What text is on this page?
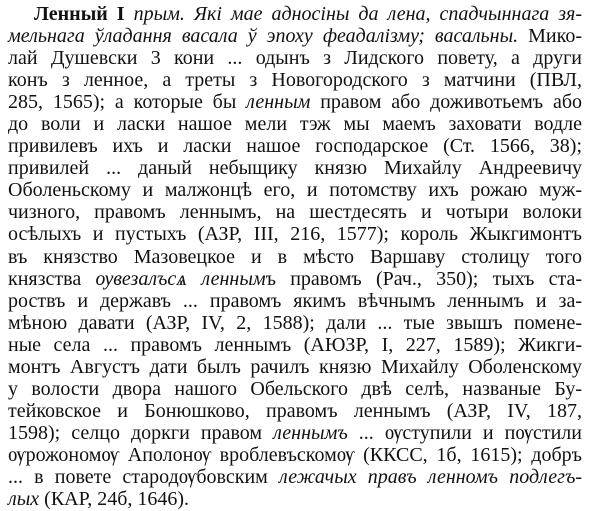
Ленный I прым. Які мае адносіны да лена, спадчыннага зя-

мельнага ўладання васала ў эпоху феадалізму; васальны. Мико-

лай Душевски 3 кони ... одынъ з Лидского повету, а други

конъ з ленное, а треты з Новогородского з матчини (ПВЛ,

285, 1565); а которые бы ленным правом або доживотьемъ або

до воли и ласки нашое мели тэж мы маемъ заховати водле

привилевъ ихъ и ласки нашое господарское (Ст. 1566, 38);

привилей ... даный небыщику князю Михайлу Андреевичу

Оболеньскому и малжонцѣ его, и потомству ихъ рожаю муж-

чизного, правомъ леннымъ, на шестдесять и чотыри волоки

осѣлыхъ и пустыхъ (АЗР, III, 216, 1577); король Жыкгимонтъ

въ князство Мазовецкое и в мѣсто Варшаву столицу того

князства ѹвезалъсѧ леннымъ правомъ (Рач., 350); тыхъ ста-

роствъ и державъ ... правомъ якимъ вѣчнымъ леннымъ и за-

мѣною давати (АЗР, IV, 2, 1588); дали ... тые звышъ помене-

ные села ... правомъ леннымъ (АЮЗР, I, 227, 1589); Жикги-

монтъ Августъ дати былъ рачилъ князю Михайлу Оболенскому

у волости двора нашого Обельского двѣ селѣ, названые Бу-

тейковское и Бонюшково, правомъ леннымъ (АЗР, IV, 187,

1598); селцо доркги правом леннымъ ... ѹступили и пѹстили

ѹрожономѹ Аполонѹ вроблевъскомѹ (ККСС, 1б, 1615); добръ

... в повете стародѹбовским лежачых правъ ленномъ подлегъ-

лых (КАР, 24б, 1646).
